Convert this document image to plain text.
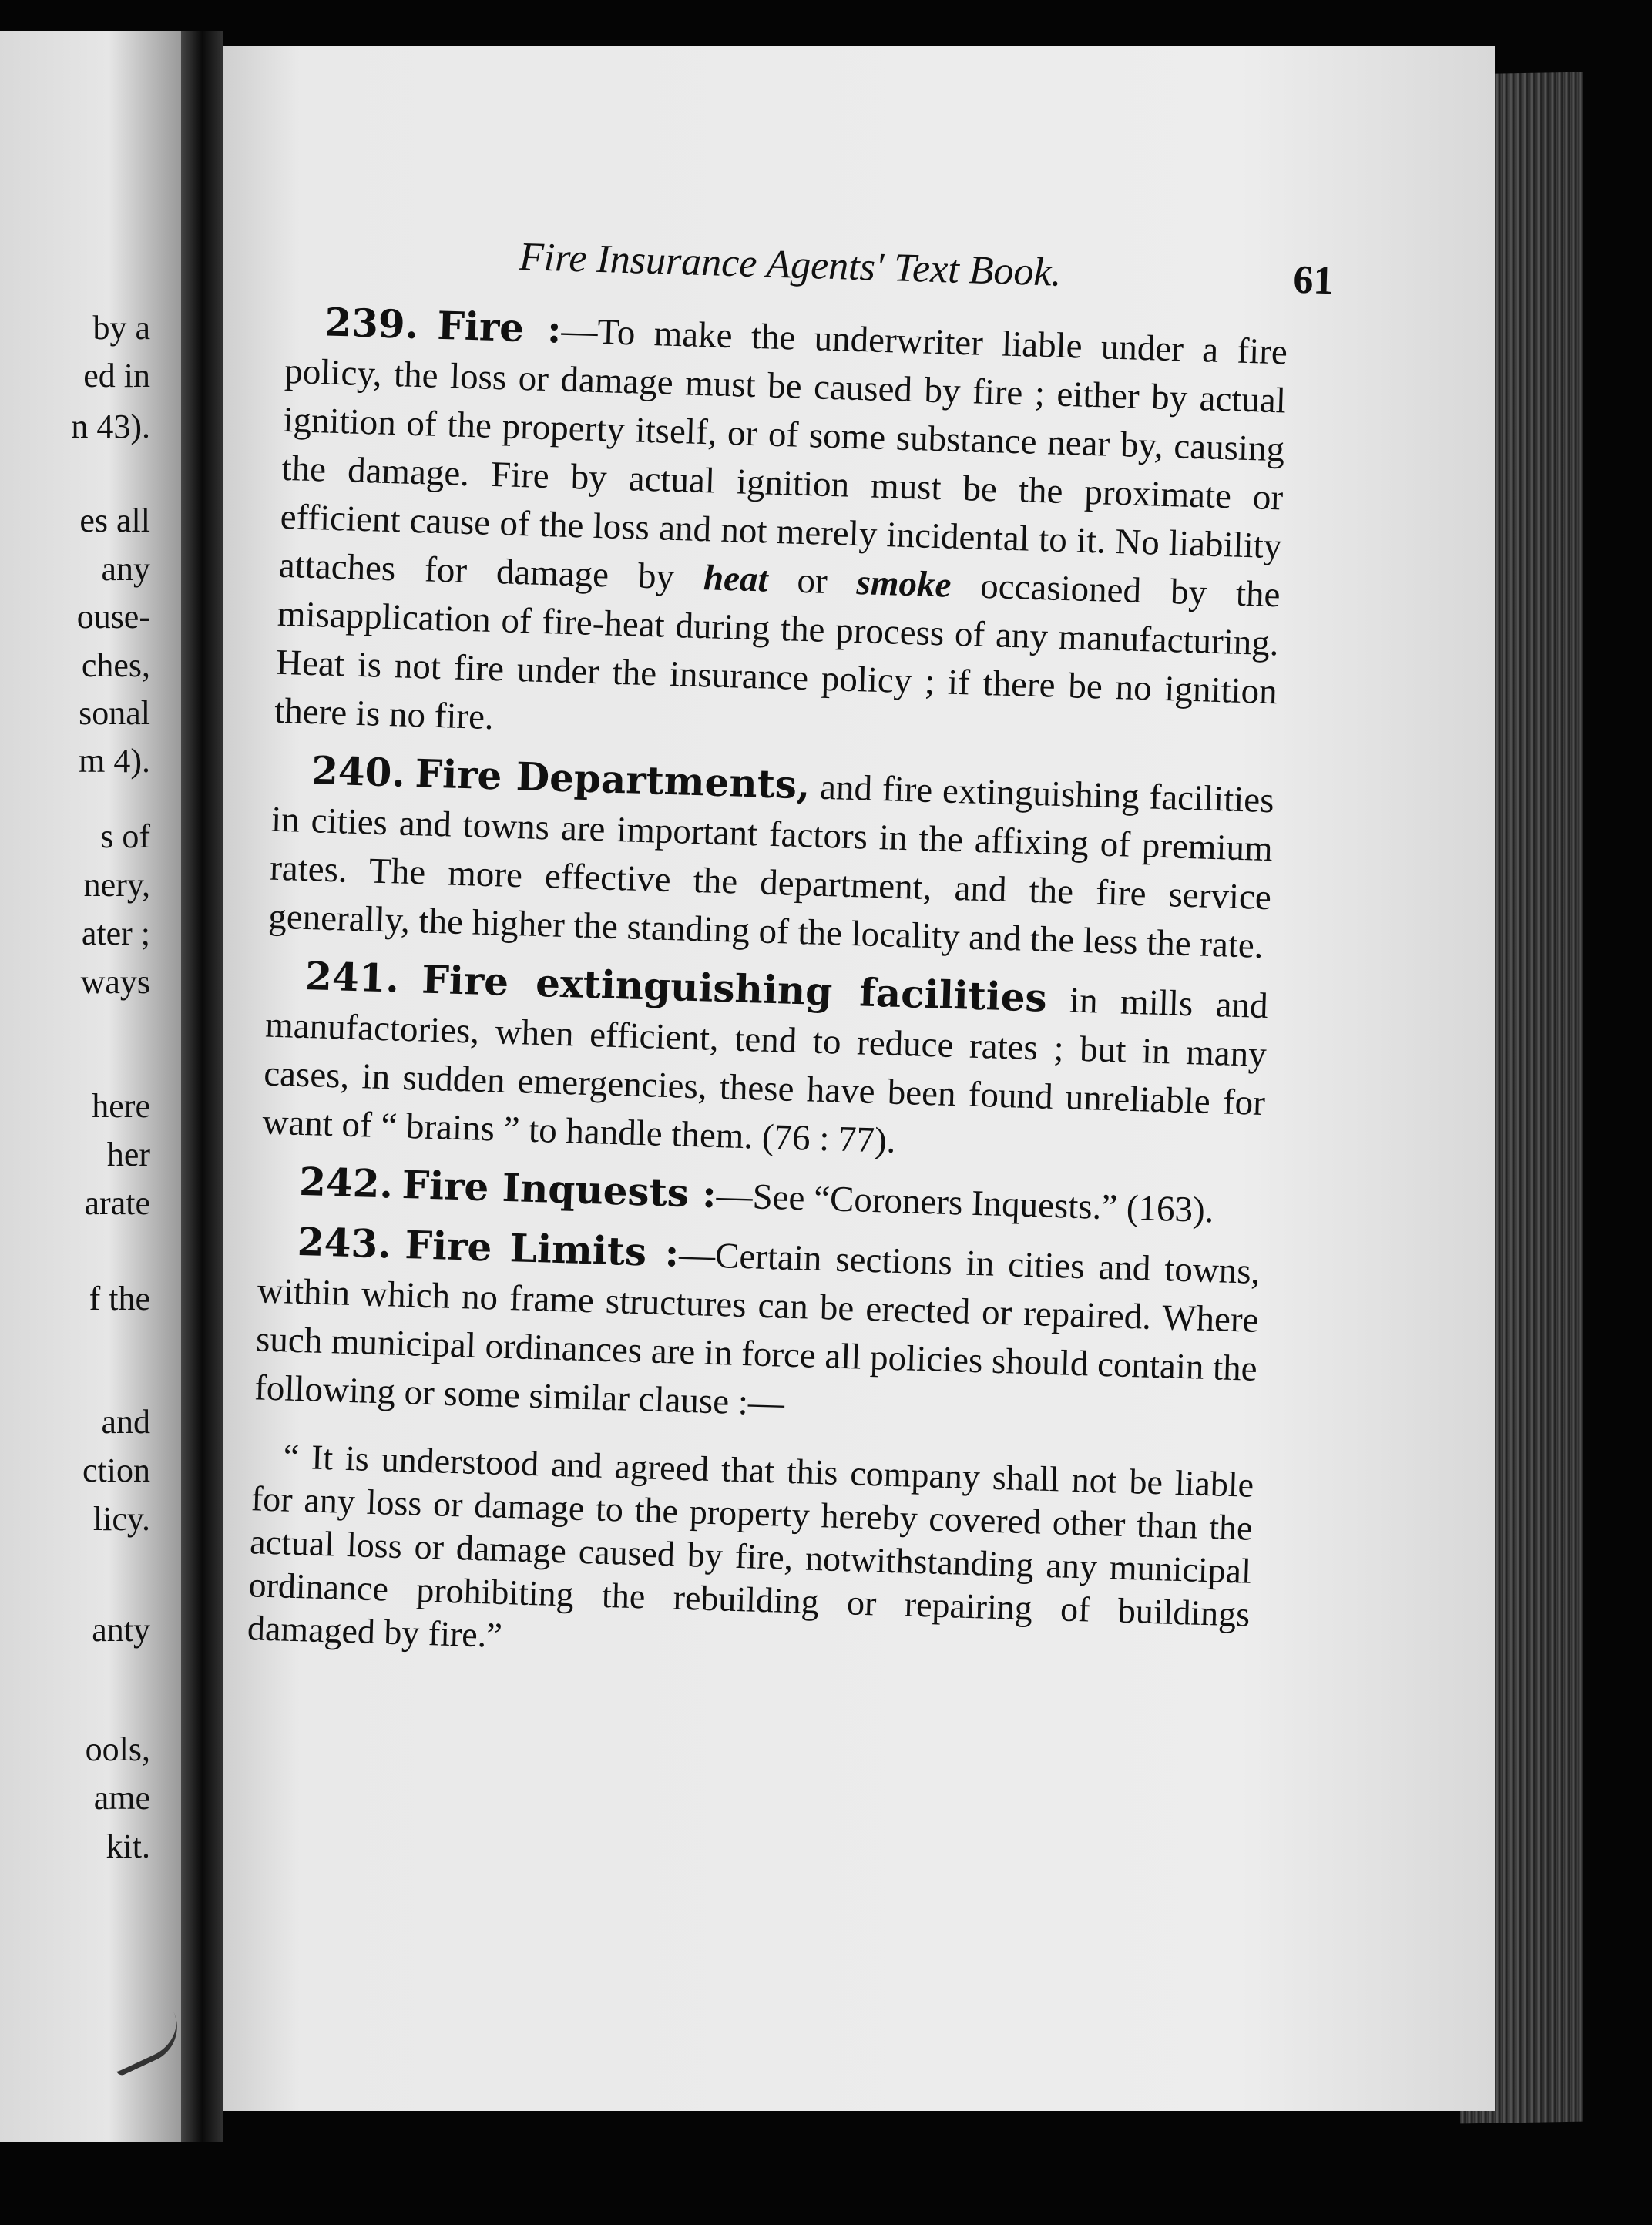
by a
ed in
n 43).
es all
any
ouse-
ches,
sonal
m 4).
s of
nery,
ater ;
ways
here
her
arate
f the
and
ction
licy.
anty
ools,
ame
kit.
Fire Insurance Agents' Text Book.	61

239. Fire :—To make the underwriter liable under a fire policy, the loss or damage must be caused by fire ; either by actual ignition of the property itself, or of some substance near by, causing the damage. Fire by actual ignition must be the proximate or efficient cause of the loss and not merely incidental to it. No liability attaches for damage by heat or smoke occasioned by the misapplication of fire-heat during the process of any manufacturing. Heat is not fire under the insurance policy ; if there be no ignition there is no fire.

240. Fire Departments, and fire extinguishing facilities in cities and towns are important factors in the affixing of premium rates. The more effective the department, and the fire service generally, the higher the standing of the locality and the less the rate.

241. Fire extinguishing facilities in mills and manufactories, when efficient, tend to reduce rates ; but in many cases, in sudden emergencies, these have been found unreliable for want of “ brains ” to handle them. (76 : 77).

242. Fire Inquests :—See “Coroners Inquests.” (163).

243. Fire Limits :—Certain sections in cities and towns, within which no frame structures can be erected or repaired. Where such municipal ordinances are in force all policies should contain the following or some similar clause :—

“ It is understood and agreed that this company shall not be liable for any loss or damage to the property hereby covered other than the actual loss or damage caused by fire, notwithstanding any municipal ordinance prohibiting the rebuilding or repairing of buildings damaged by fire.”
